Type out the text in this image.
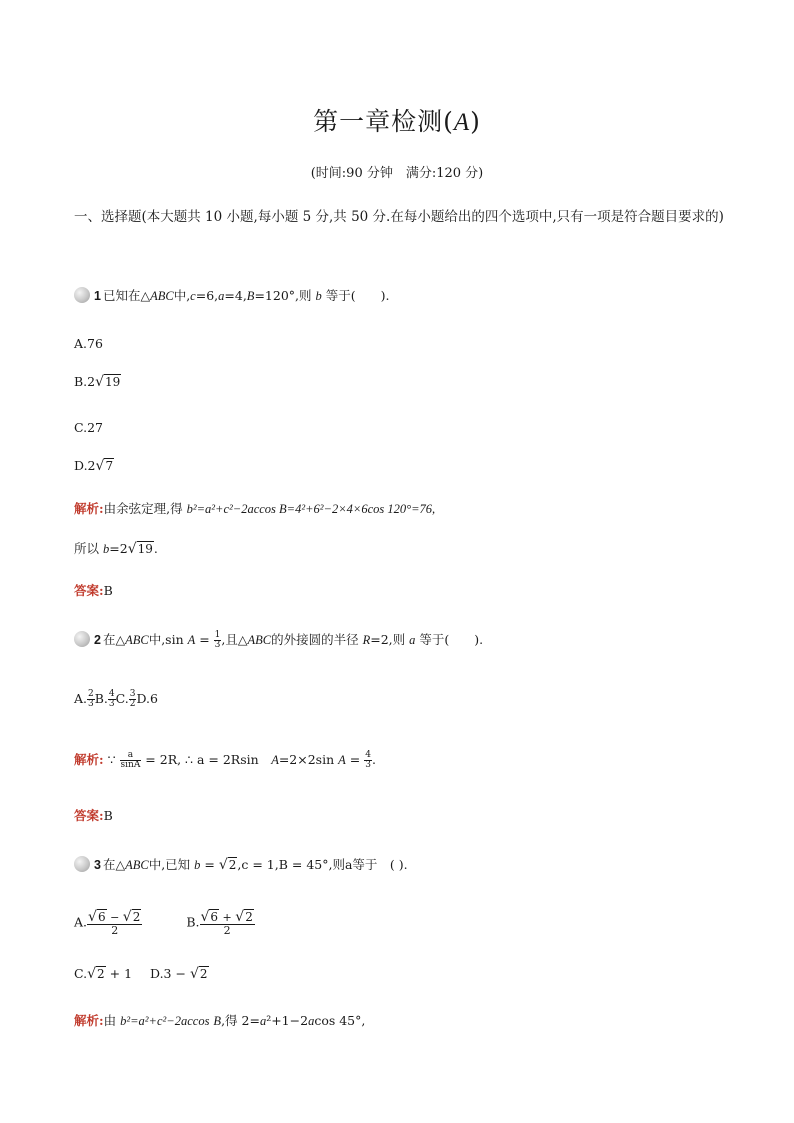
第一章检测(A)
(时间:90 分钟　满分:120 分)
一、选择题(本大题共 10 小题,每小题 5 分,共 50 分.在每小题给出的四个选项中,只有一项是符合题目要求的)
1 已知在△ABC中,c=6,a=4,B=120°,则 b 等于(　　).
A.76
B.2√19
C.27
D.2√7
解析:由余弦定理,得 b²=a²+c²−2accos B=4²+6²−2×4×6cos 120°=76,
所以 b=2√19.
答案:B
2 在△ABC中,sin $A = \frac{1}{3}$ ,且△ABC的外接圆的半径 R=2,则 a 等于(　　).
A. $\frac{2}{3} B$. $\frac{4}{3} C$. $\frac{3}{2} D.6$
解析: ∵ $\frac{a}{\sin A} = 2R$, ∴ a = 2Rsin　A=2×2sin $A = \frac{4}{3}$ .
答案:B
3 在△ABC中,已知 b = √2,c = 1,B = 45°,则a等于　( ).
A. $\frac{√6 - √2}{2}$	B. $\frac{√6 + √2}{2}$
C.√2 + 1 D.3 − √2
解析:由 b²=a²+c²−2accos B,得 2=a²+1−2acos 45°,
